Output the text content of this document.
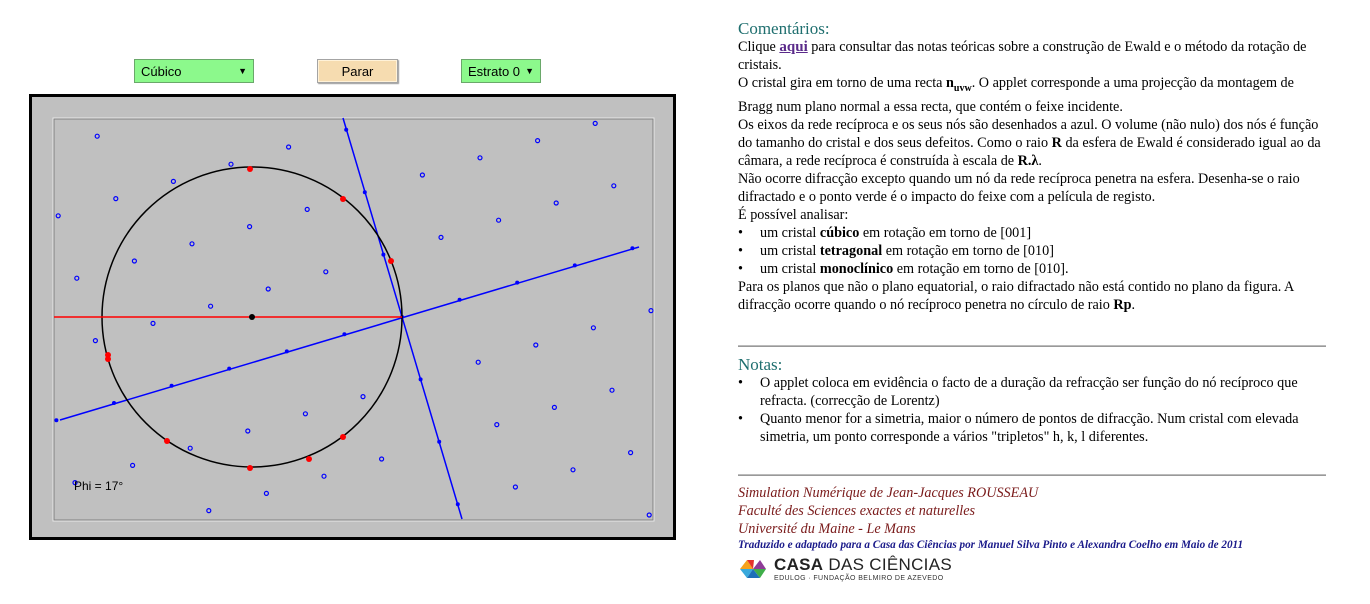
Cúbico	▼	Parar	Estrato 0 ▼
Phi = 17°
Comentários:

Clique aqui para consultar das notas teóricas sobre a construção de Ewald e o método da rotação de cristais.

O cristal gira em torno de uma recta $n_{uvw}$. O applet corresponde a uma projecção da montagem de Bragg num plano normal a essa recta, que contém o feixe incidente.

Os eixos da rede recíproca e os seus nós são desenhados a azul. O volume (não nulo) dos nós é função do tamanho do cristal e dos seus defeitos. Como o raio R da esfera de Ewald é considerado igual ao da câmara, a rede recíproca é construída à escala de R.λ.

Não ocorre difracção excepto quando um nó da rede recíproca penetra na esfera. Desenha-se o raio difractado e o ponto verde é o impacto do feixe com a película de registo.

É possível analisar:

• um cristal cúbico em rotação em torno de [001]
• um cristal tetragonal em rotação em torno de [010]
• um cristal monoclínico em rotação em torno de [010].

Para os planos que não o plano equatorial, o raio difractado não está contido no plano da figura. A difracção ocorre quando o nó recíproco penetra no círculo de raio Rp.

Notas:
• O applet coloca em evidência o facto de a duração da refracção ser função do nó recíproco que refracta. (correcção de Lorentz)
• Quanto menor for a simetria, maior o número de pontos de difracção. Num cristal com elevada simetria, um ponto corresponde a vários "tripletos" h, k, l diferentes.
Simulation Numérique de Jean-Jacques ROUSSEAU
Faculté des Sciences exactes et naturelles
Université du Maine - Le Mans
Traduzido e adaptado para a Casa das Ciências por Manuel Silva Pinto e Alexandra Coelho em Maio de 2011
CASA DAS CIÊNCIAS
EDULOG · FUNDAÇÃO BELMIRO DE AZEVEDO
